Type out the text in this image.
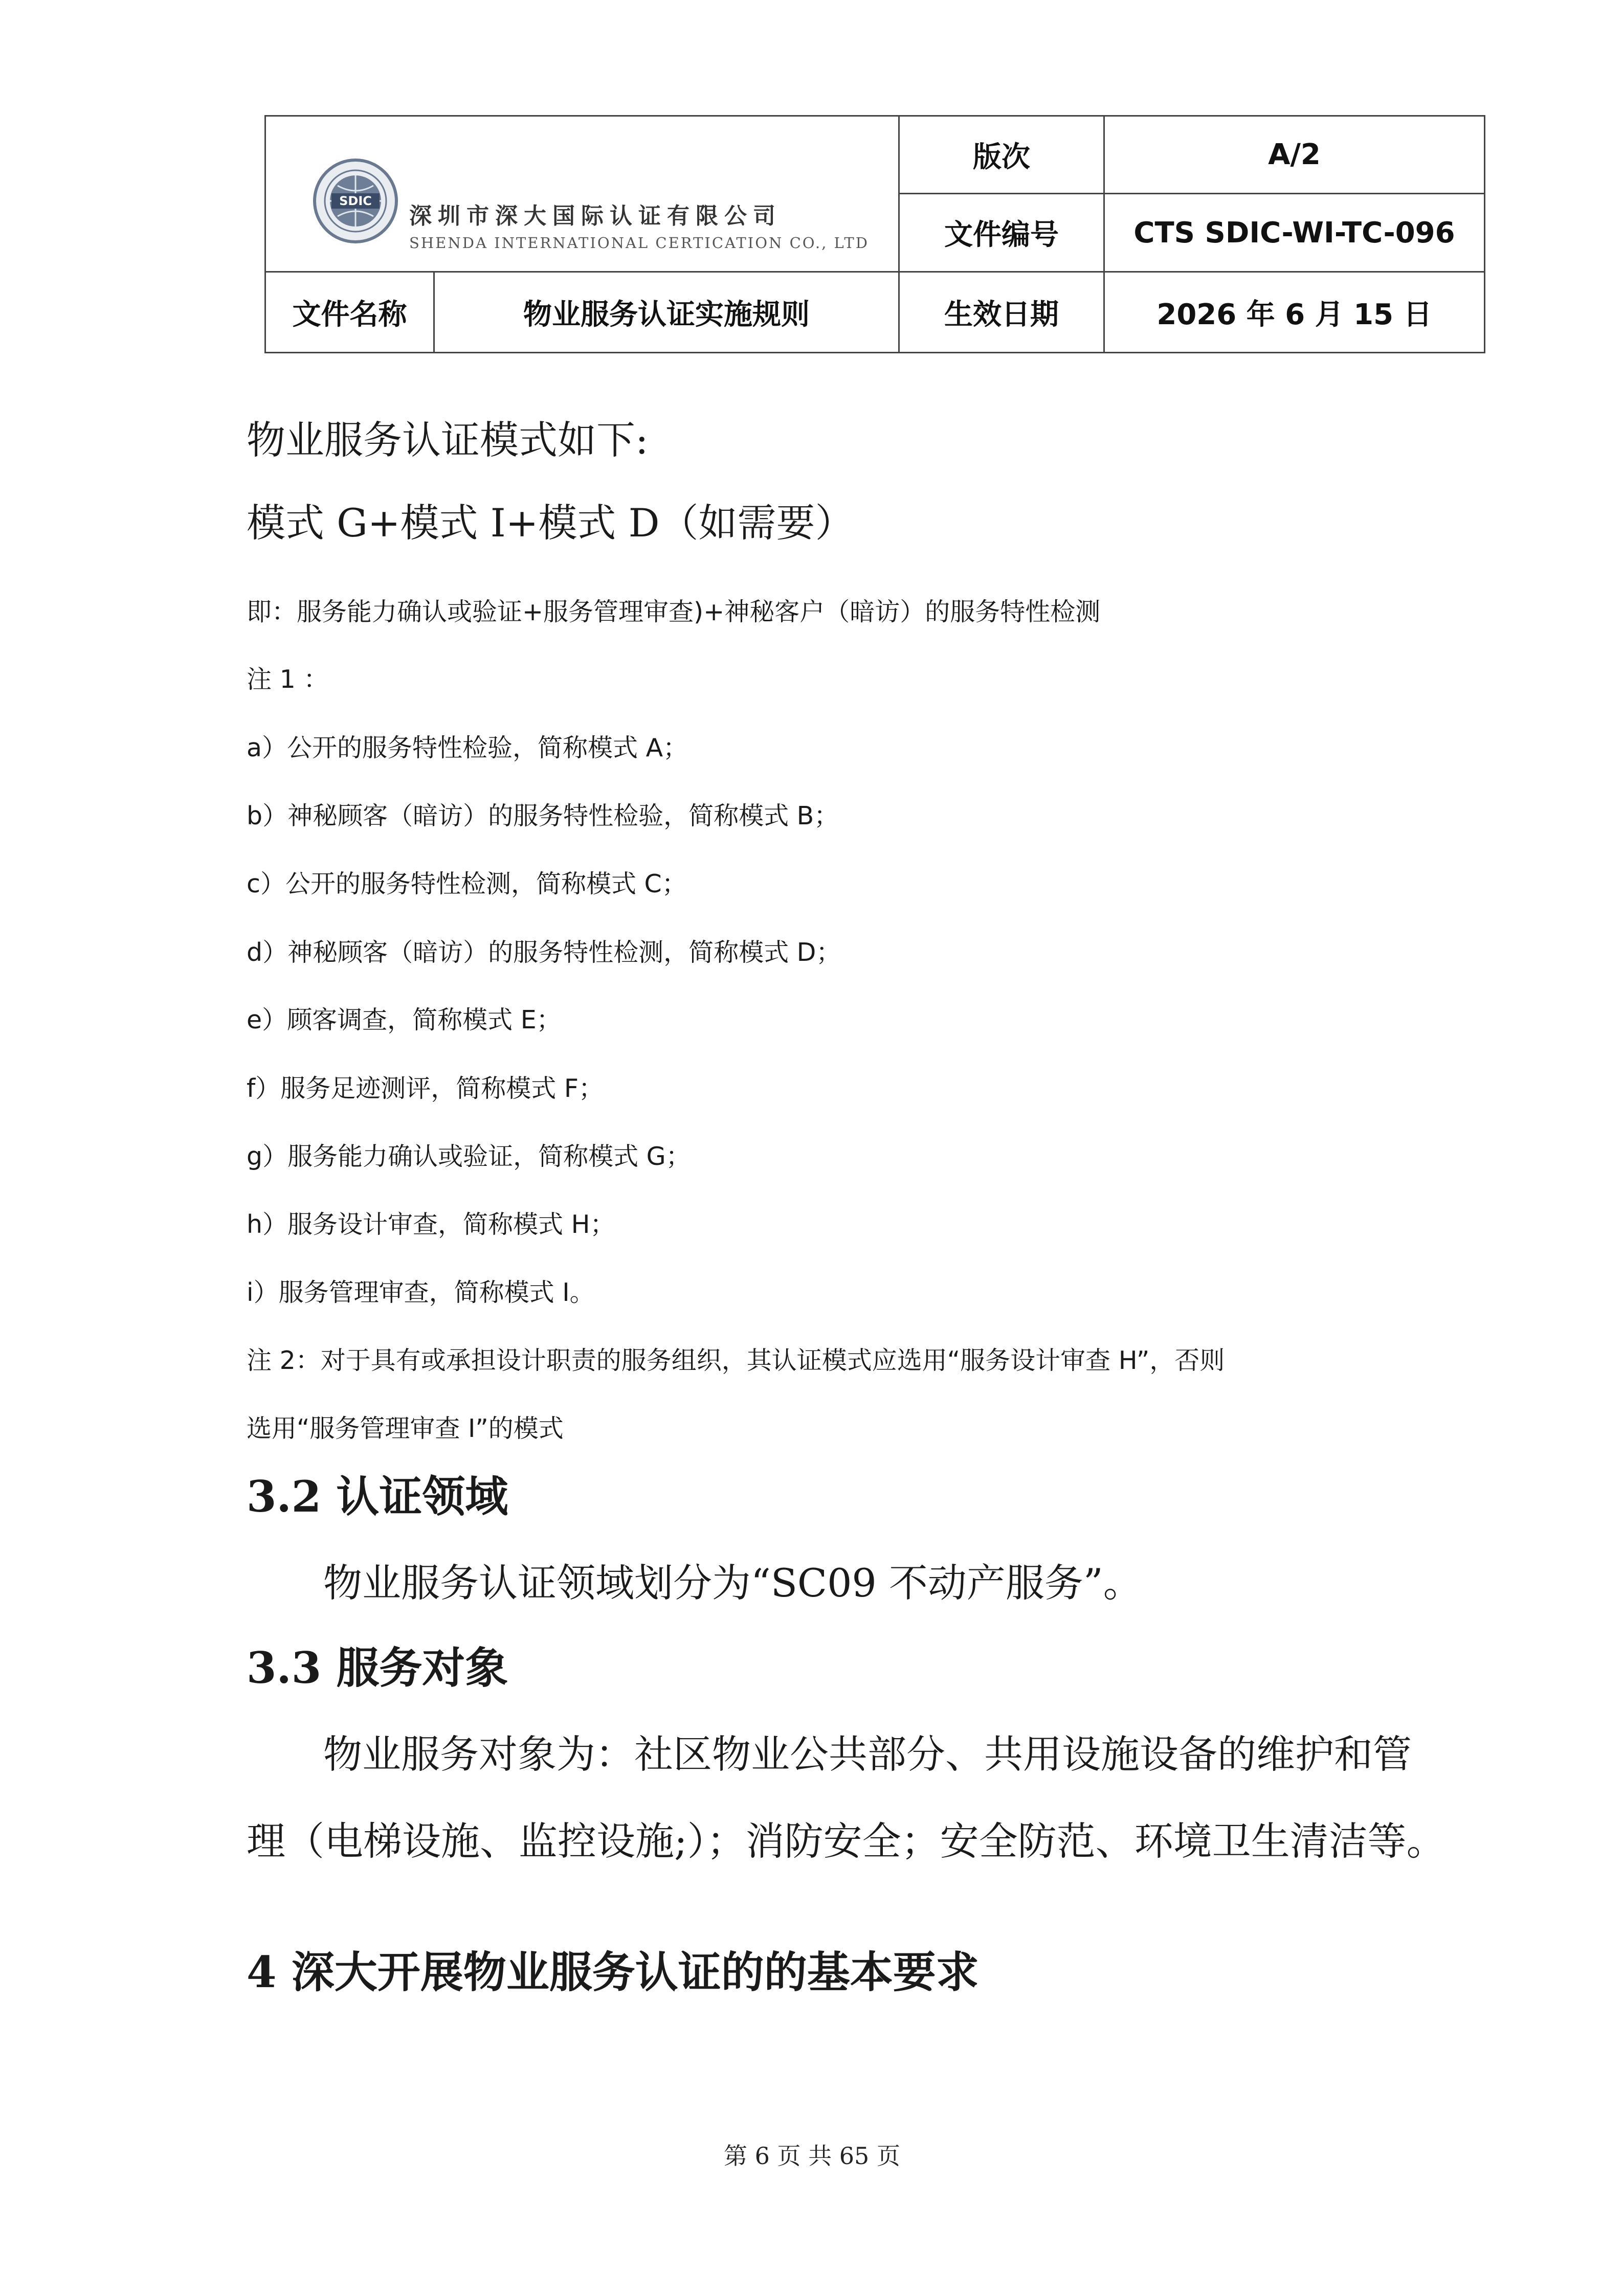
SDIC
深圳市深大国际认证有限公司
SHENDA INTERNATIONAL CERTICATION CO., LTD
版次	A/2
文件编号	CTS SDIC-WI-TC-096
文件名称	物业服务认证实施规则	生效日期	2026 年 6 月 15 日
物业服务认证模式如下:
模式 G+模式 I+模式 D（如需要）
即：服务能力确认或验证+服务管理审查)+神秘客户（暗访）的服务特性检测
注 1 ：
a）公开的服务特性检验，简称模式 A；
b）神秘顾客（暗访）的服务特性检验，简称模式 B；
c）公开的服务特性检测，简称模式 C；
d）神秘顾客（暗访）的服务特性检测，简称模式 D；
e）顾客调查，简称模式 E；
f）服务足迹测评，简称模式 F；
g）服务能力确认或验证，简称模式 G；
h）服务设计审查，简称模式 H；
i）服务管理审查，简称模式 I。
注 2：对于具有或承担设计职责的服务组织，其认证模式应选用“服务设计审查 H”，否则
选用“服务管理审查 I”的模式
3.2 认证领域
物业服务认证领域划分为“SC09 不动产服务”。
3.3 服务对象
物业服务对象为：社区物业公共部分、共用设施设备的维护和管
理（电梯设施、监控设施;）；消防安全；安全防范、环境卫生清洁等。
4 深大开展物业服务认证的的基本要求
第 6 页 共 65 页
